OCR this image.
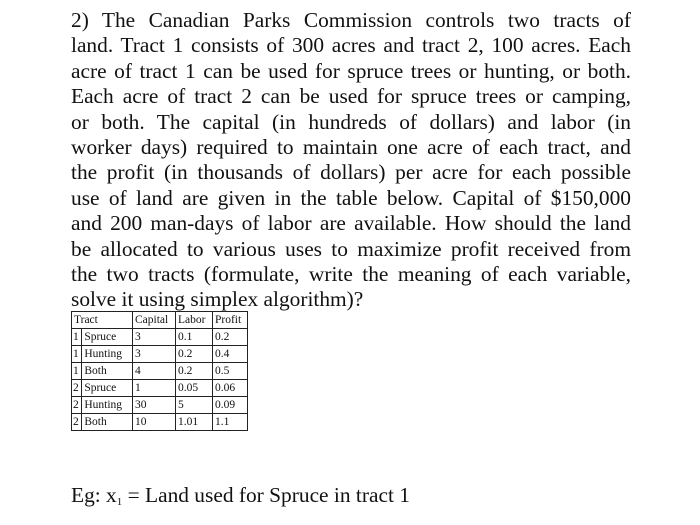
2) The Canadian Parks Commission controls two tracts of
land. Tract 1 consists of 300 acres and tract 2, 100 acres. Each
acre of tract 1 can be used for spruce trees or hunting, or both.
Each acre of tract 2 can be used for spruce trees or camping,
or both. The capital (in hundreds of dollars) and labor (in
worker days) required to maintain one acre of each tract, and
the profit (in thousands of dollars) per acre for each possible
use of land are given in the table below. Capital of $150,000
and 200 man-days of labor are available. How should the land
be allocated to various uses to maximize profit received from
the two tracts (formulate, write the meaning of each variable,
solve it using simplex algorithm)?
Tract		Capital	Labor	Profit
1	Spruce	3	0.1	0.2
1	Hunting	3	0.2	0.4
1	Both	4	0.2	0.5
2	Spruce	1	0.05	0.06
2	Hunting	30	5	0.09
2	Both	10	1.01	1.1
Eg: $x_1$ = Land used for Spruce in tract 1
